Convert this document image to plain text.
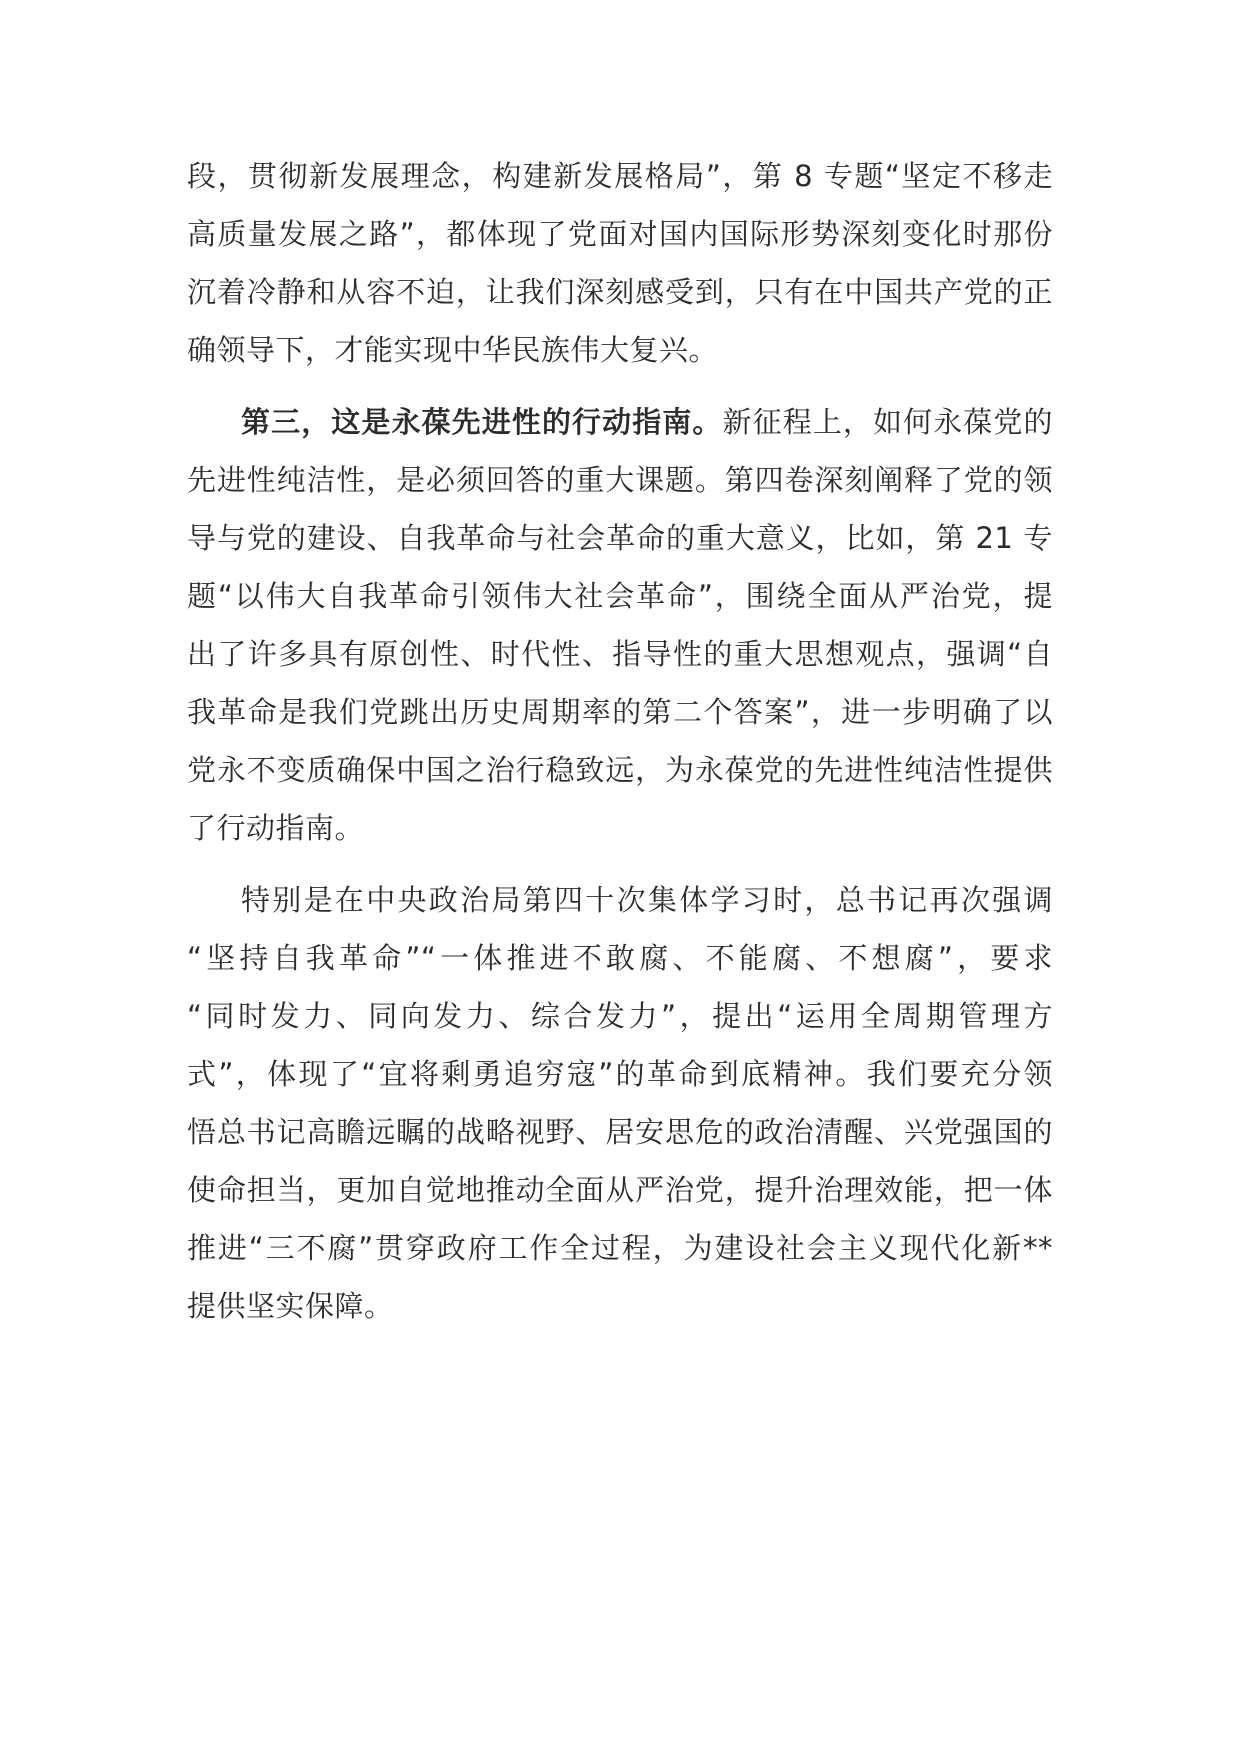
段，贯彻新发展理念，构建新发展格局”，第 8 专题“坚定不移走
高质量发展之路”，都体现了党面对国内国际形势深刻变化时那份
沉着冷静和从容不迫，让我们深刻感受到，只有在中国共产党的正
确领导下，才能实现中华民族伟大复兴。
第三，这是永葆先进性的行动指南。新征程上，如何永葆党的
先进性纯洁性，是必须回答的重大课题。第四卷深刻阐释了党的领
导与党的建设、自我革命与社会革命的重大意义，比如，第 21 专
题“以伟大自我革命引领伟大社会革命”，围绕全面从严治党，提
出了许多具有原创性、时代性、指导性的重大思想观点，强调“自
我革命是我们党跳出历史周期率的第二个答案”，进一步明确了以
党永不变质确保中国之治行稳致远，为永葆党的先进性纯洁性提供
了行动指南。
特别是在中央政治局第四十次集体学习时，总书记再次强调
“坚持自我革命”“一体推进不敢腐、不能腐、不想腐”，要求
“同时发力、同向发力、综合发力”，提出“运用全周期管理方
式”，体现了“宜将剩勇追穷寇”的革命到底精神。我们要充分领
悟总书记高瞻远瞩的战略视野、居安思危的政治清醒、兴党强国的
使命担当，更加自觉地推动全面从严治党，提升治理效能，把一体
推进“三不腐”贯穿政府工作全过程，为建设社会主义现代化新**
提供坚实保障。
